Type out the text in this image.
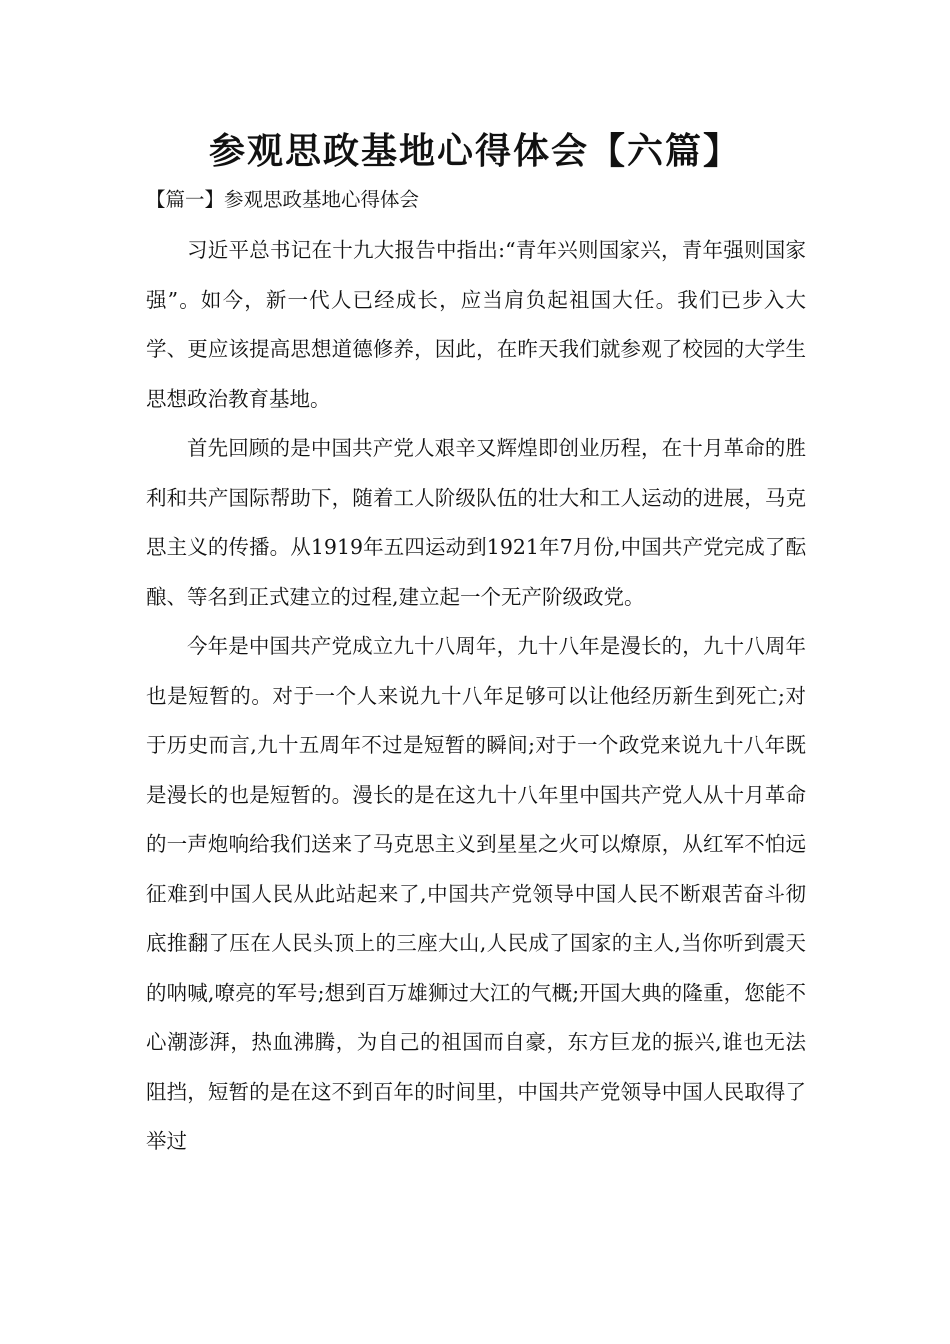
参观思政基地心得体会【六篇】
【篇一】参观思政基地心得体会

习近平总书记在十九大报告中指出:“青年兴则国家兴，青年强则国家强”。如今，新一代人已经成长，应当肩负起祖国大任。我们已步入大学、更应该提高思想道德修养，因此，在昨天我们就参观了校园的大学生思想政治教育基地。

首先回顾的是中国共产党人艰辛又辉煌即创业历程，在十月革命的胜利和共产国际帮助下，随着工人阶级队伍的壮大和工人运动的进展，马克思主义的传播。从1919年五四运动到1921年7月份,中国共产党完成了酝酿、等名到正式建立的过程,建立起一个无产阶级政党。

今年是中国共产党成立九十八周年，九十八年是漫长的，九十八周年也是短暂的。对于一个人来说九十八年足够可以让他经历新生到死亡;对于历史而言,九十五周年不过是短暂的瞬间;对于一个政党来说九十八年既是漫长的也是短暂的。漫长的是在这九十八年里中国共产党人从十月革命的一声炮响给我们送来了马克思主义到星星之火可以燎原，从红军不怕远征难到中国人民从此站起来了,中国共产党领导中国人民不断艰苦奋斗彻底推翻了压在人民头顶上的三座大山,人民成了国家的主人,当你听到震天的呐喊,嘹亮的军号;想到百万雄狮过大江的气概;开国大典的隆重，您能不心潮澎湃，热血沸腾，为自己的祖国而自豪，东方巨龙的振兴,谁也无法阻挡，短暂的是在这不到百年的时间里，中国共产党领导中国人民取得了举过
